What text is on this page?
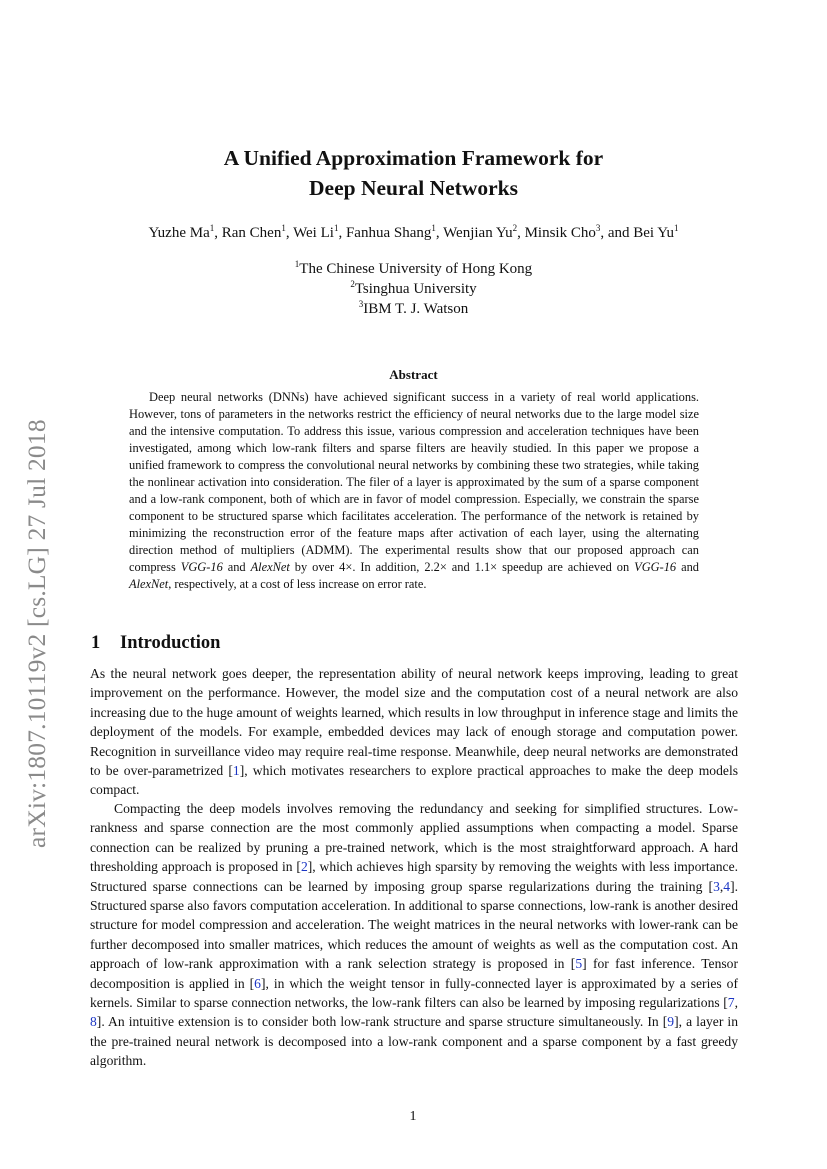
arXiv:1807.10119v2 [cs.LG] 27 Jul 2018
A Unified Approximation Framework for
Deep Neural Networks
Yuzhe Ma$^1$, Ran Chen$^1$, Wei Li$^1$, Fanhua Shang$^1$, Wenjian Yu$^2$, Minsik Cho$^3$, and Bei Yu$^1$
$^1$The Chinese University of Hong Kong
$^2$Tsinghua University
$^3$IBM T. J. Watson
Abstract
Deep neural networks (DNNs) have achieved significant success in a variety of real world applications. However, tons of parameters in the networks restrict the efficiency of neural networks due to the large model size and the intensive computation. To address this issue, various compression and acceleration techniques have been investigated, among which low-rank filters and sparse filters are heavily studied. In this paper we propose a unified framework to compress the convolutional neural networks by combining these two strategies, while taking the nonlinear activation into consideration. The filer of a layer is approximated by the sum of a sparse component and a low-rank component, both of which are in favor of model compression. Especially, we constrain the sparse component to be structured sparse which facilitates acceleration. The performance of the network is retained by minimizing the reconstruction error of the feature maps after activation of each layer, using the alternating direction method of multipliers (ADMM). The experimental results show that our proposed approach can compress VGG-16 and AlexNet by over 4×. In addition, 2.2× and 1.1× speedup are achieved on VGG-16 and AlexNet, respectively, at a cost of less increase on error rate.
1 Introduction
As the neural network goes deeper, the representation ability of neural network keeps improving, leading to great improvement on the performance. However, the model size and the computation cost of a neural network are also increasing due to the huge amount of weights learned, which results in low throughput in inference stage and limits the deployment of the models. For example, embedded devices may lack of enough storage and computation power. Recognition in surveillance video may require real-time response. Meanwhile, deep neural networks are demonstrated to be over-parametrized [1], which motivates researchers to explore practical approaches to make the deep models compact.
Compacting the deep models involves removing the redundancy and seeking for simplified structures. Low-rankness and sparse connection are the most commonly applied assumptions when compacting a model. Sparse connection can be realized by pruning a pre-trained network, which is the most straightforward approach. A hard thresholding approach is proposed in [2], which achieves high sparsity by removing the weights with less importance. Structured sparse connections can be learned by imposing group sparse regularizations during the training [3,4]. Structured sparse also favors computation acceleration. In additional to sparse connections, low-rank is another desired structure for model compression and acceleration. The weight matrices in the neural networks with lower-rank can be further decomposed into smaller matrices, which reduces the amount of weights as well as the computation cost. An approach of low-rank approximation with a rank selection strategy is proposed in [5] for fast inference. Tensor decomposition is applied in [6], in which the weight tensor in fully-connected layer is approximated by a series of kernels. Similar to sparse connection networks, the low-rank filters can also be learned by imposing regularizations [7, 8]. An intuitive extension is to consider both low-rank structure and sparse structure simultaneously. In [9], a layer in the pre-trained neural network is decomposed into a low-rank component and a sparse component by a fast greedy algorithm.
1
